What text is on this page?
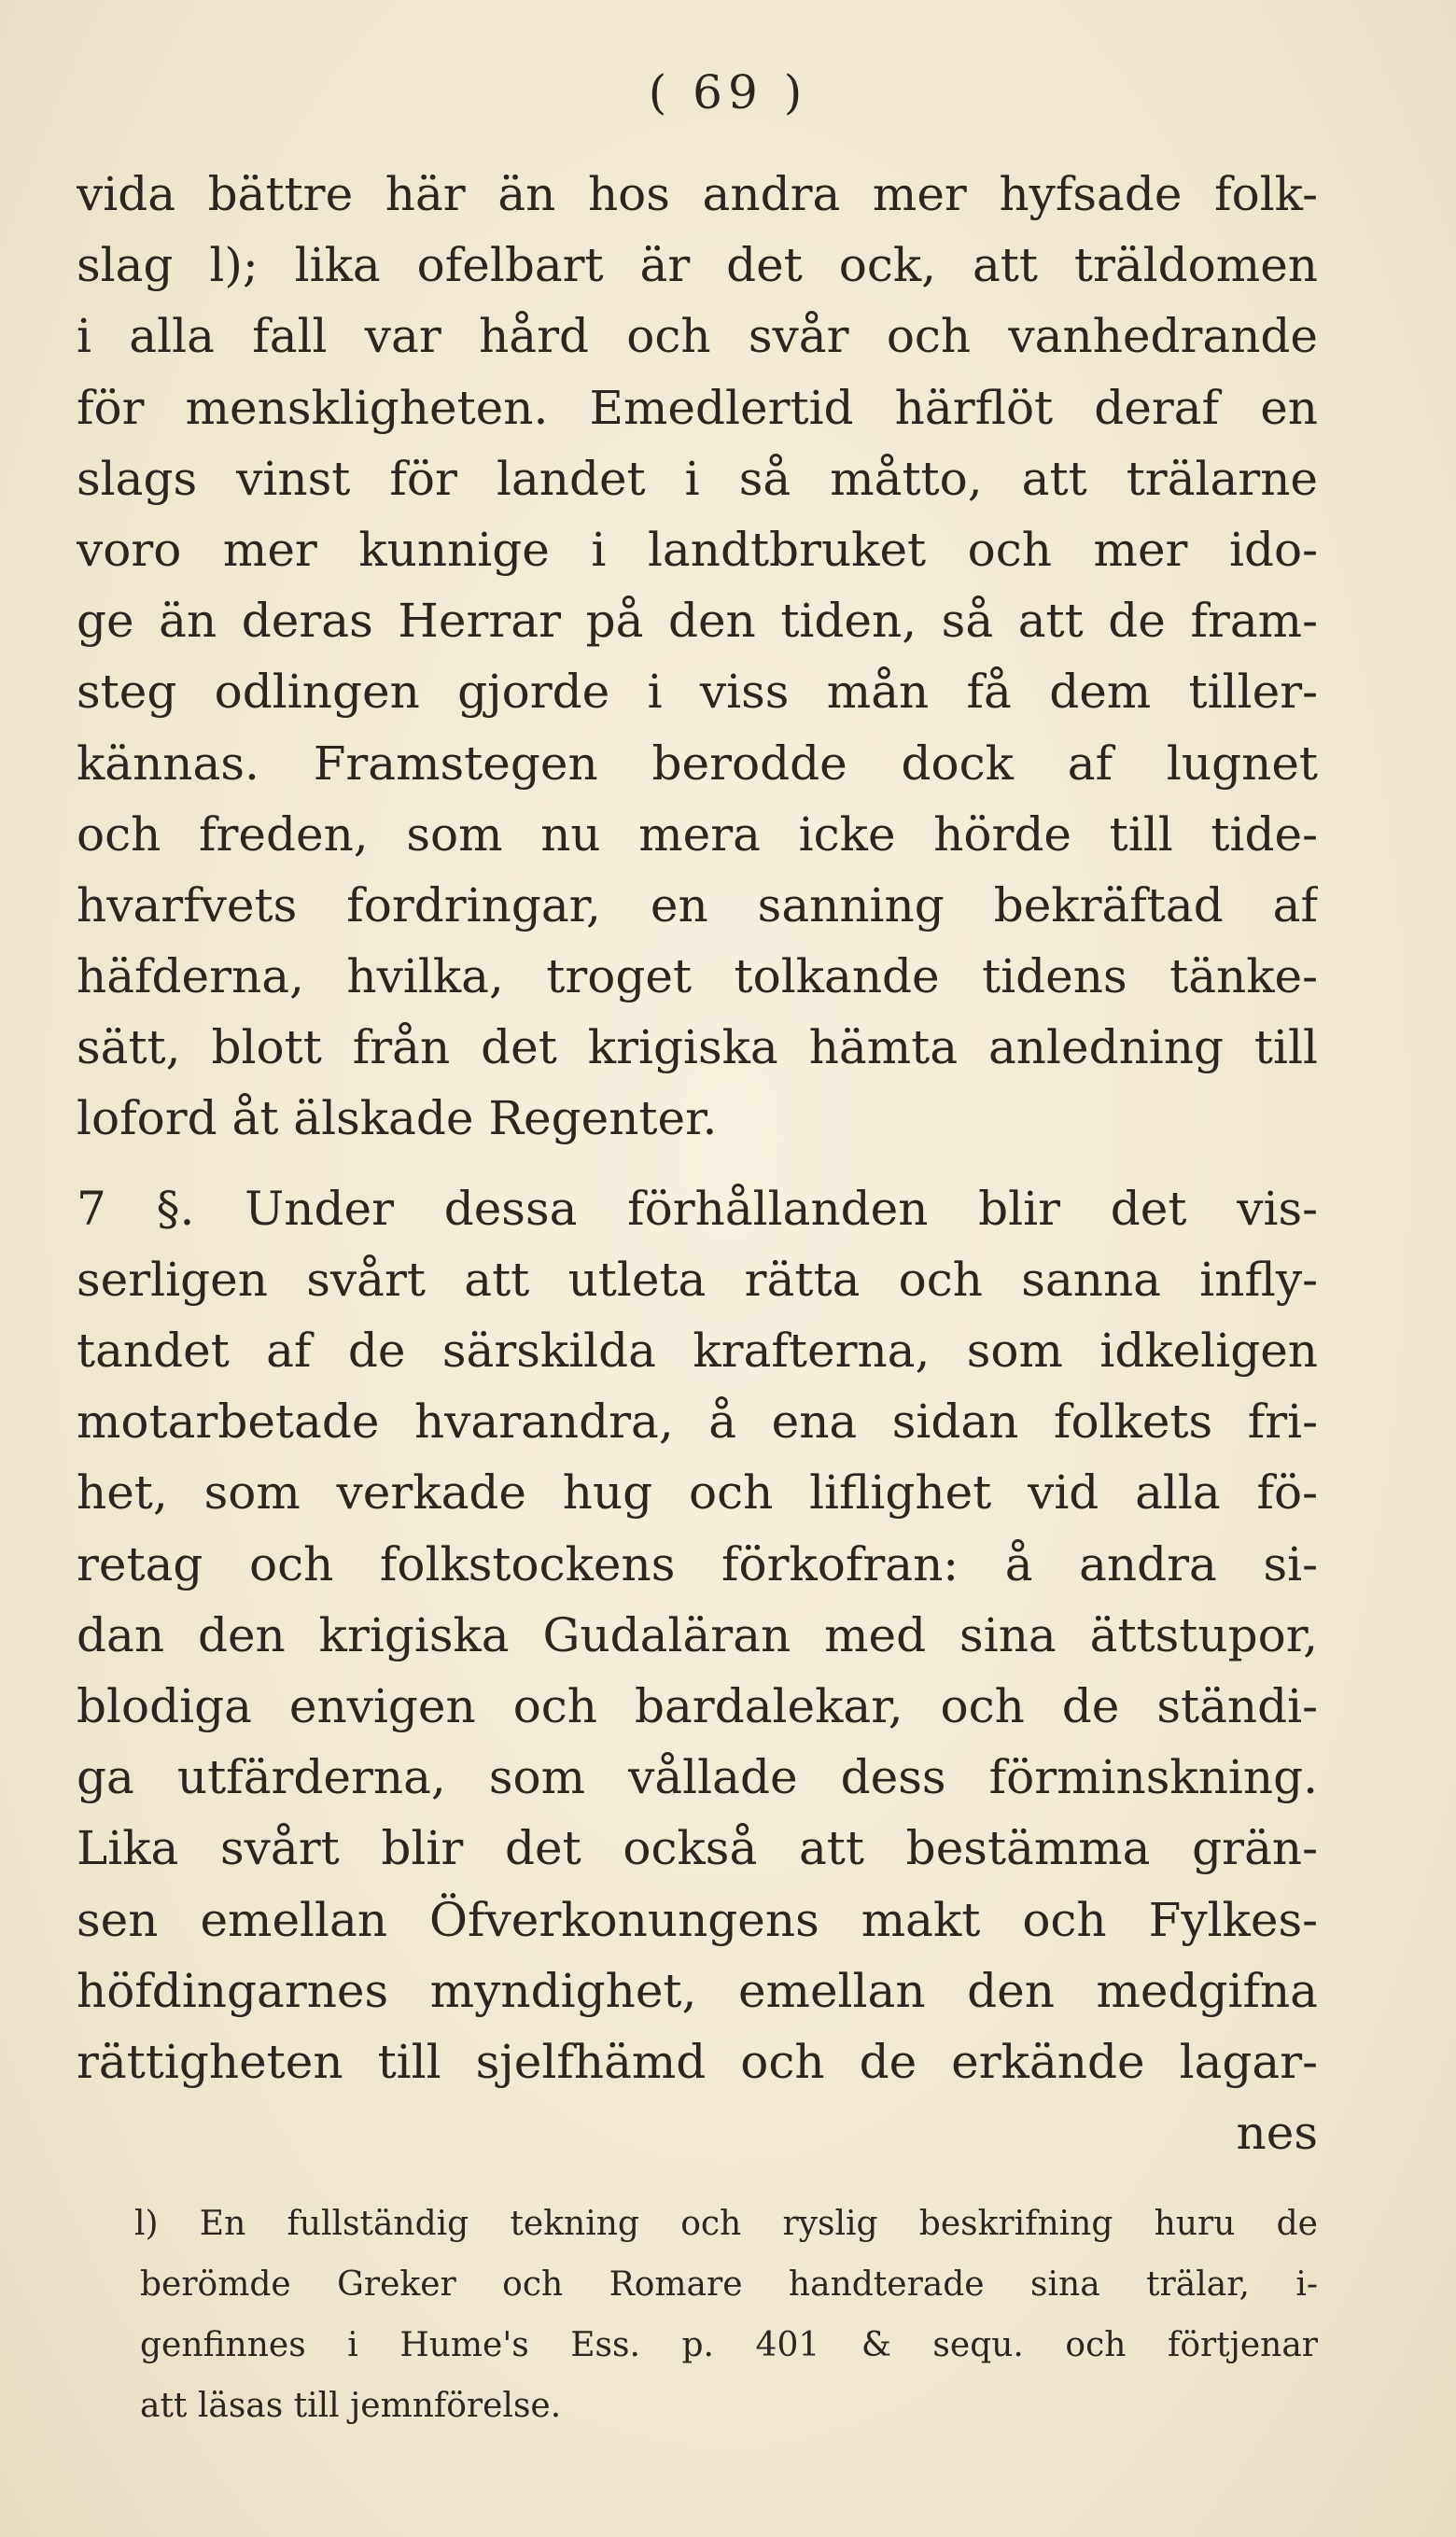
( 69 )
vida bättre här än hos andra mer hyfsade folk-
slag l); lika ofelbart är det ock, att träldomen
i alla fall var hård och svår och vanhedrande
för menskligheten. Emedlertid härflöt deraf en
slags vinst för landet i så måtto, att trälarne
voro mer kunnige i landtbruket och mer ido-
ge än deras Herrar på den tiden, så att de fram-
steg odlingen gjorde i viss mån få dem tiller-
kännas. Framstegen berodde dock af lugnet
och freden, som nu mera icke hörde till tide-
hvarfvets fordringar, en sanning bekräftad af
häfderna, hvilka, troget tolkande tidens tänke-
sätt, blott från det krigiska hämta anledning till
loford åt älskade Regenter.
7 §. Under dessa förhållanden blir det vis-
serligen svårt att utleta rätta och sanna infly-
tandet af de särskilda krafterna, som idkeligen
motarbetade hvarandra, å ena sidan folkets fri-
het, som verkade hug och liflighet vid alla fö-
retag och folkstockens förkofran: å andra si-
dan den krigiska Gudaläran med sina ättstupor,
blodiga envigen och bardalekar, och de ständi-
ga utfärderna, som vållade dess förminskning.
Lika svårt blir det också att bestämma grän-
sen emellan Öfverkonungens makt och Fylkes-
höfdingarnes myndighet, emellan den medgifna
rättigheten till sjelfhämd och de erkände lagar-
nes
l) En fullständig tekning och ryslig beskrifning huru de
berömde Greker och Romare handterade sina trälar, i-
genfinnes i Hume's Ess. p. 401 & sequ. och förtjenar
att läsas till jemnförelse.
